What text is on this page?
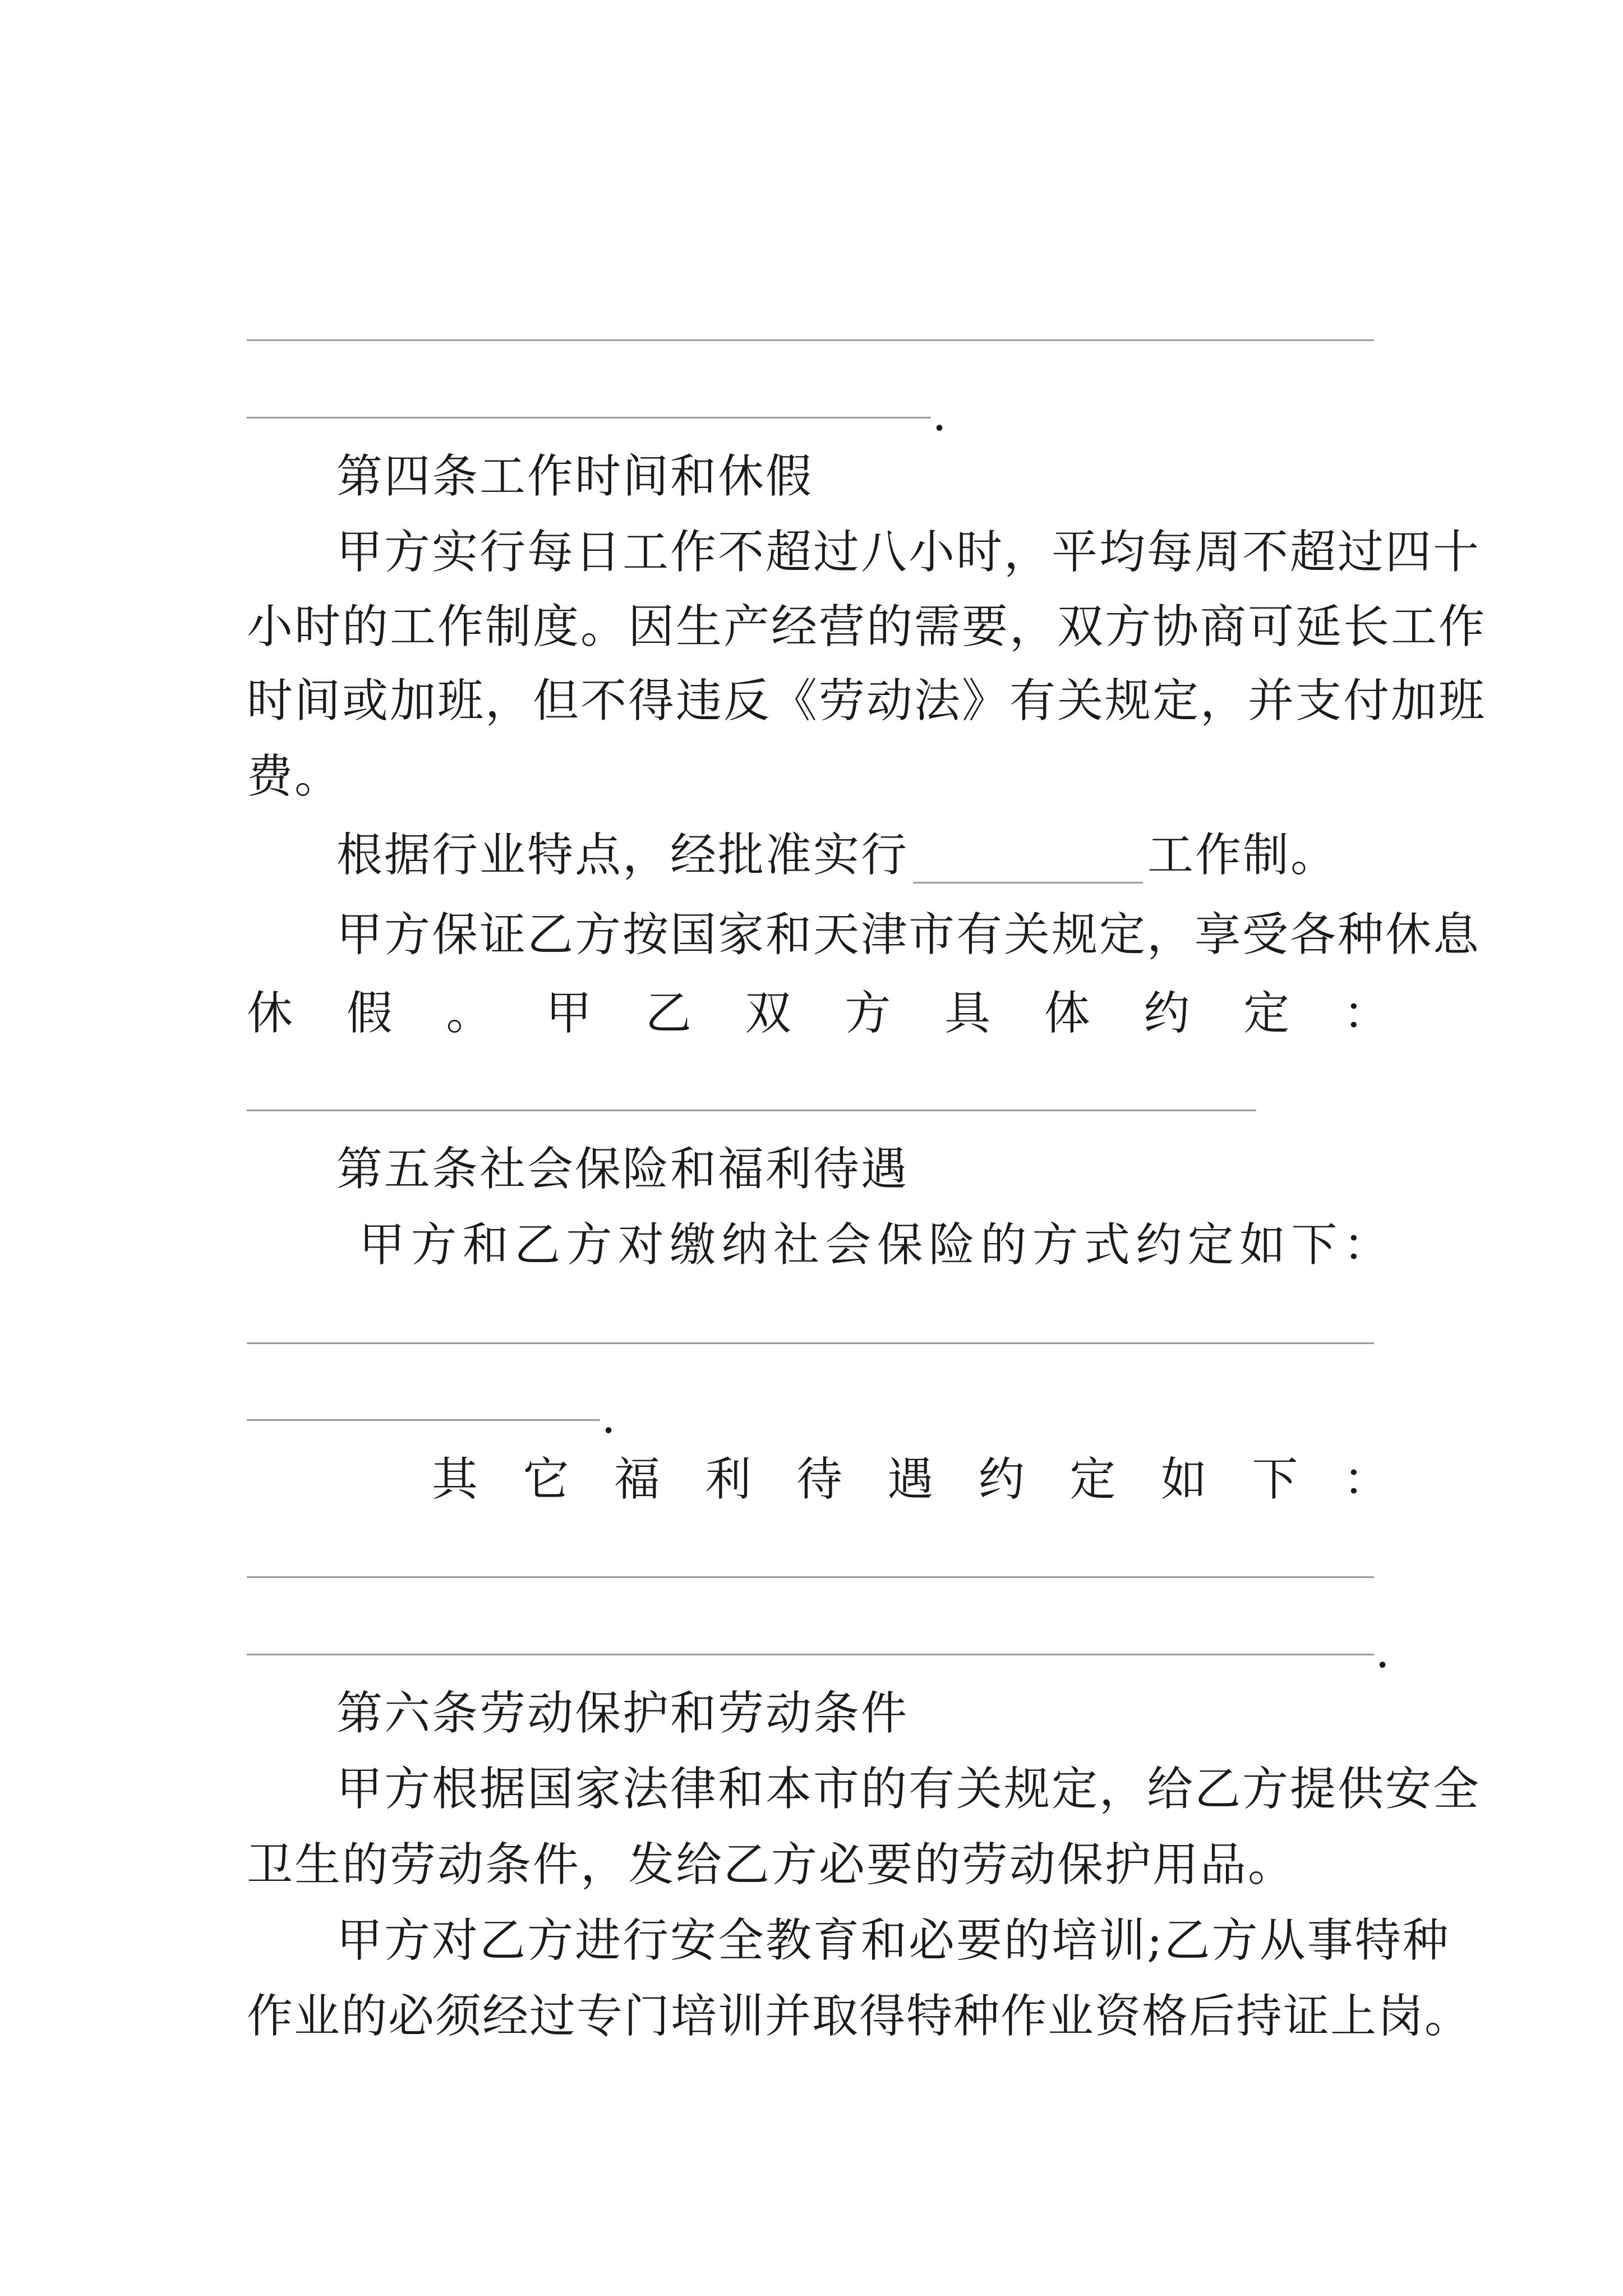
.
第四条工作时间和休假
甲方实行每日工作不超过八小时，平均每周不超过四十
小时的工作制度。因生产经营的需要，双方协商可延长工作
时间或加班，但不得违反《劳动法》有关规定，并支付加班
费。
根据行业特点，经批准实行	工作制。
甲方保证乙方按国家和天津市有关规定，享受各种休息
休 假 。 甲 乙 双 方 具 体 约 定 ：
第五条社会保险和福利待遇
甲 方 和 乙 方 对 缴 纳 社 会 保 险 的 方 式 约 定 如 下 ：
.
其 它 福 利 待 遇 约 定 如 下 ：
.
第六条劳动保护和劳动条件
甲方根据国家法律和本市的有关规定，给乙方提供安全
卫生的劳动条件，发给乙方必要的劳动保护用品。
甲方对乙方进行安全教育和必要的培训;乙方从事特种
作业的必须经过专门培训并取得特种作业资格后持证上岗。
